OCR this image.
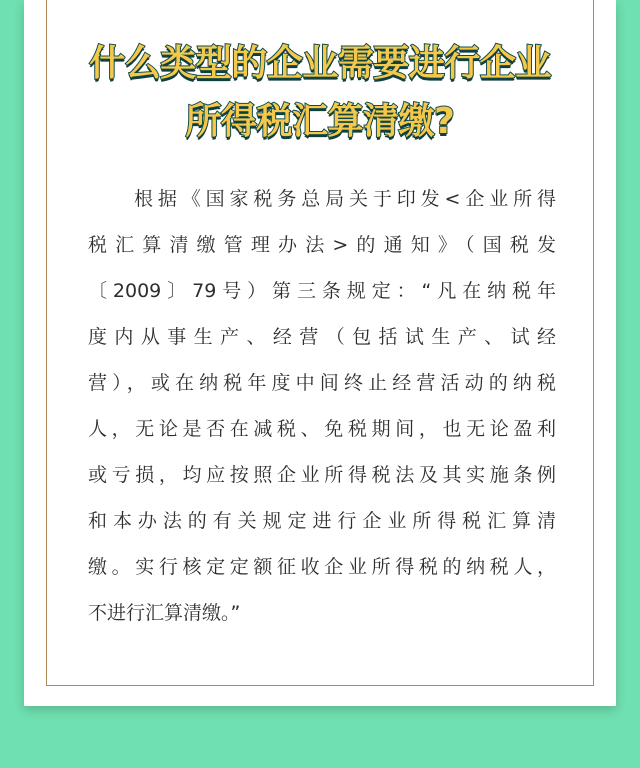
什么类型的企业需要进行企业
所得税汇算清缴?
根据《国家税务总局关于印发<企业所得
税汇算清缴管理办法>的通知》（国税发
〔2009〕79号）第三条规定：“凡在纳税年
度内从事生产、经营（包括试生产、试经
营），或在纳税年度中间终止经营活动的纳税
人，无论是否在减税、免税期间，也无论盈利
或亏损，均应按照企业所得税法及其实施条例
和本办法的有关规定进行企业所得税汇算清
缴。实行核定定额征收企业所得税的纳税人，
不进行汇算清缴。”
